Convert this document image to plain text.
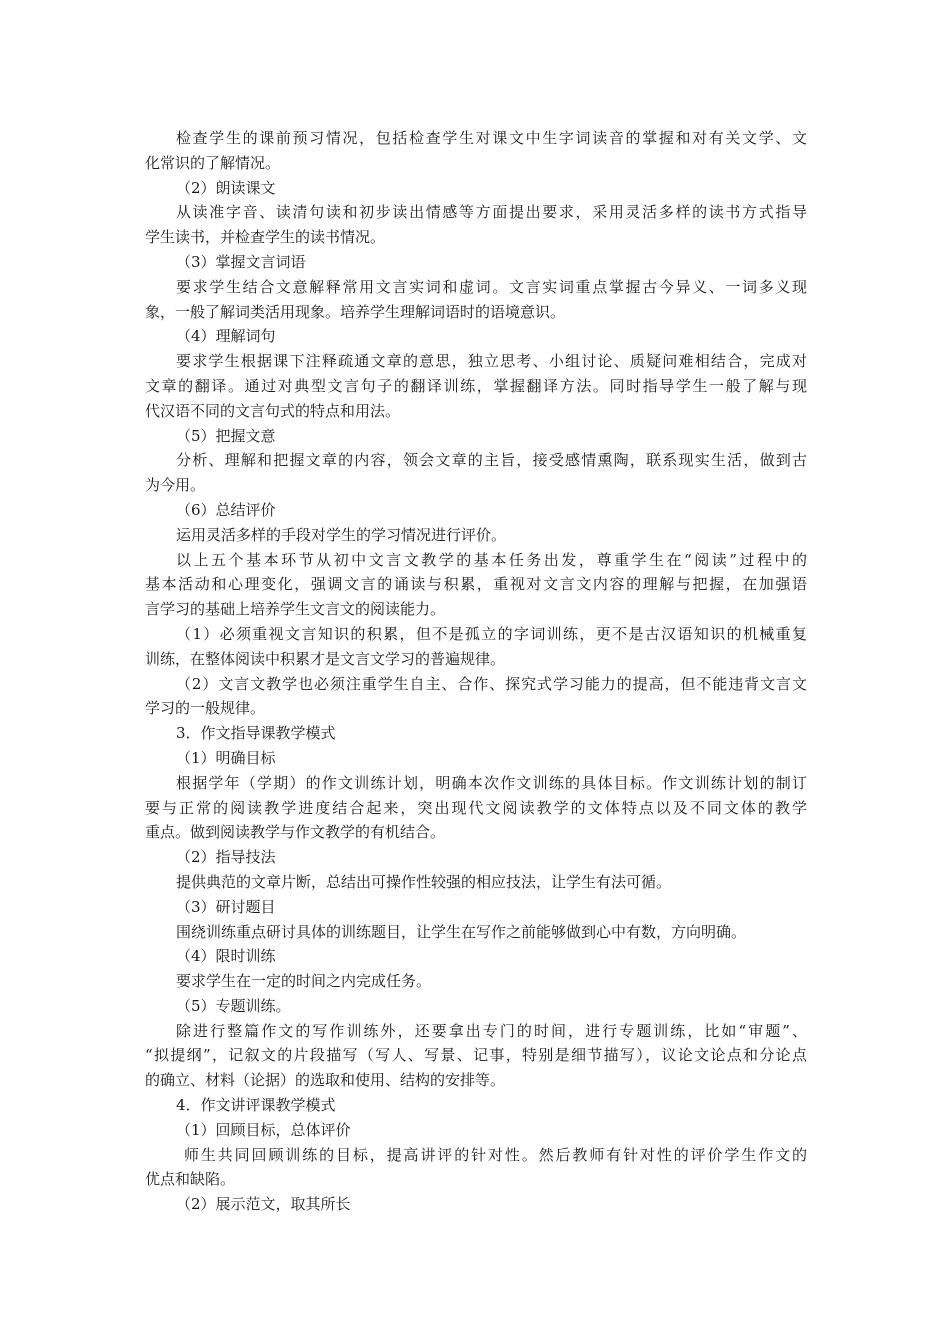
检查学生的课前预习情况，包括检查学生对课文中生字词读音的掌握和对有关文学、文
化常识的了解情况。
（2）朗读课文
从读准字音、读清句读和初步读出情感等方面提出要求，采用灵活多样的读书方式指导
学生读书，并检查学生的读书情况。
（3）掌握文言词语
要求学生结合文意解释常用文言实词和虚词。文言实词重点掌握古今异义、一词多义现
象，一般了解词类活用现象。培养学生理解词语时的语境意识。
（4）理解词句
要求学生根据课下注释疏通文章的意思，独立思考、小组讨论、质疑问难相结合，完成对
文章的翻译。通过对典型文言句子的翻译训练，掌握翻译方法。同时指导学生一般了解与现
代汉语不同的文言句式的特点和用法。
（5）把握文意
分析、理解和把握文章的内容，领会文章的主旨，接受感情熏陶，联系现实生活，做到古
为今用。
（6）总结评价
运用灵活多样的手段对学生的学习情况进行评价。
以上五个基本环节从初中文言文教学的基本任务出发，尊重学生在“阅读”过程中的
基本活动和心理变化，强调文言的诵读与积累，重视对文言文内容的理解与把握，在加强语
言学习的基础上培养学生文言文的阅读能力。
（1）必须重视文言知识的积累，但不是孤立的字词训练，更不是古汉语知识的机械重复
训练，在整体阅读中积累才是文言文学习的普遍规律。
（2）文言文教学也必须注重学生自主、合作、探究式学习能力的提高，但不能违背文言文
学习的一般规律。
3．作文指导课教学模式
（1）明确目标
根据学年（学期）的作文训练计划，明确本次作文训练的具体目标。作文训练计划的制订
要与正常的阅读教学进度结合起来，突出现代文阅读教学的文体特点以及不同文体的教学
重点。做到阅读教学与作文教学的有机结合。
（2）指导技法
提供典范的文章片断，总结出可操作性较强的相应技法，让学生有法可循。
（3）研讨题目
围绕训练重点研讨具体的训练题目，让学生在写作之前能够做到心中有数，方向明确。
（4）限时训练
要求学生在一定的时间之内完成任务。
（5）专题训练。
除进行整篇作文的写作训练外，还要拿出专门的时间，进行专题训练，比如“审题”、
“拟提纲”，记叙文的片段描写（写人、写景、记事，特别是细节描写），议论文论点和分论点
的确立、材料（论据）的选取和使用、结构的安排等。
4．作文讲评课教学模式
（1）回顾目标，总体评价
师生共同回顾训练的目标，提高讲评的针对性。然后教师有针对性的评价学生作文的
优点和缺陷。
（2）展示范文，取其所长
